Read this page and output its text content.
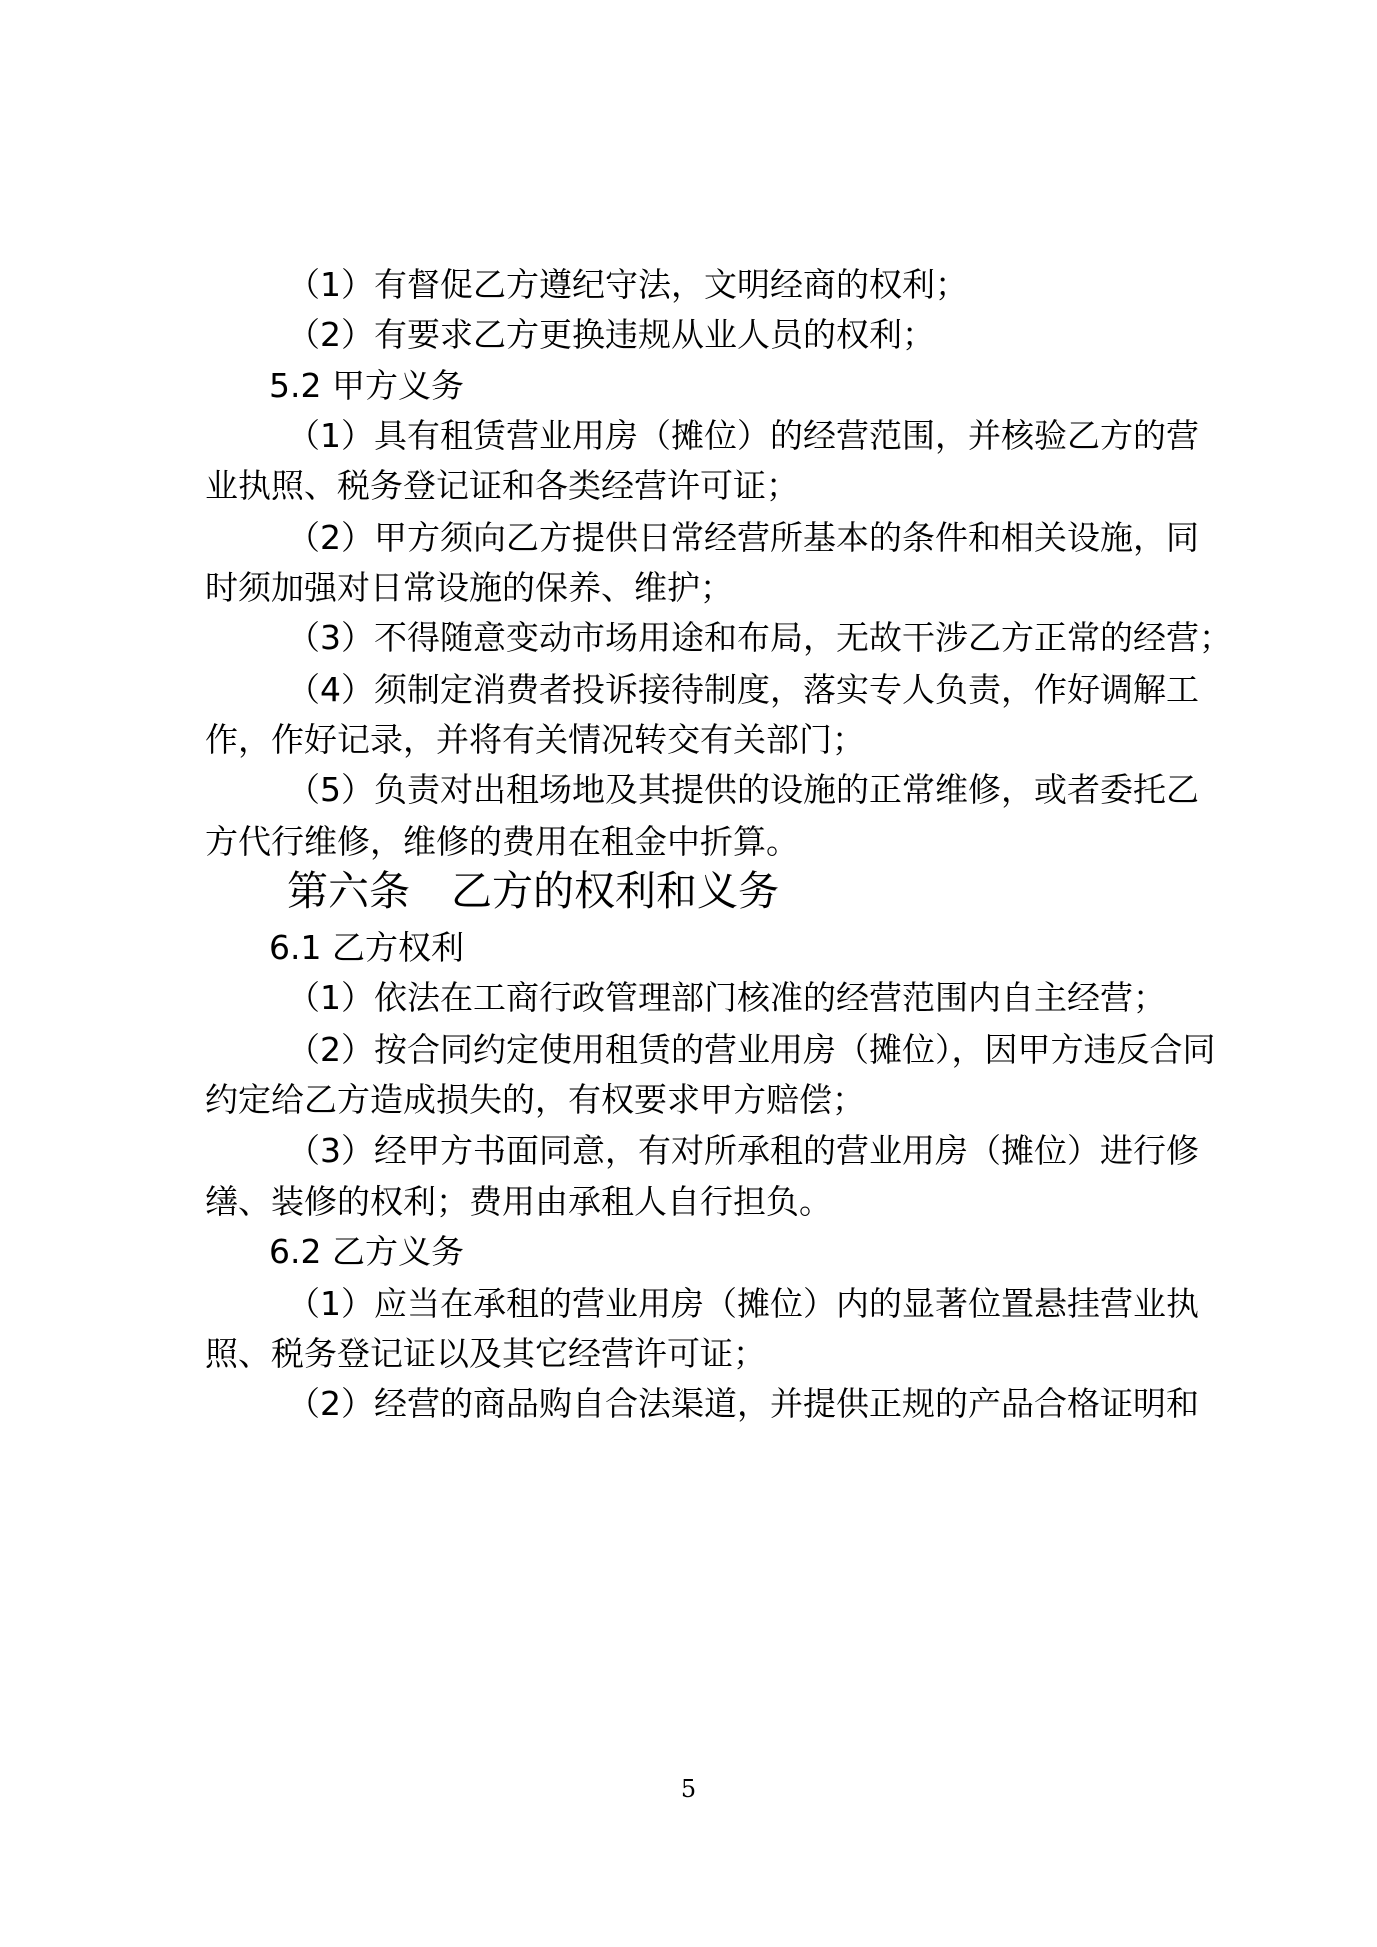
（1）有督促乙方遵纪守法，文明经商的权利；
（2）有要求乙方更换违规从业人员的权利；
5.2 甲方义务
（1）具有租赁营业用房（摊位）的经营范围，并核验乙方的营
业执照、税务登记证和各类经营许可证；
（2）甲方须向乙方提供日常经营所基本的条件和相关设施，同
时须加强对日常设施的保养、维护；
（3）不得随意变动市场用途和布局，无故干涉乙方正常的经营；
（4）须制定消费者投诉接待制度，落实专人负责，作好调解工
作，作好记录，并将有关情况转交有关部门；
（5）负责对出租场地及其提供的设施的正常维修，或者委托乙
方代行维修，维修的费用在租金中折算。
第六条　乙方的权利和义务
6.1 乙方权利
（1）依法在工商行政管理部门核准的经营范围内自主经营；
（2）按合同约定使用租赁的营业用房（摊位），因甲方违反合同
约定给乙方造成损失的，有权要求甲方赔偿；
（3）经甲方书面同意，有对所承租的营业用房（摊位）进行修
缮、装修的权利；费用由承租人自行担负。
6.2 乙方义务
（1）应当在承租的营业用房（摊位）内的显著位置悬挂营业执
照、税务登记证以及其它经营许可证；
（2）经营的商品购自合法渠道，并提供正规的产品合格证明和
5
